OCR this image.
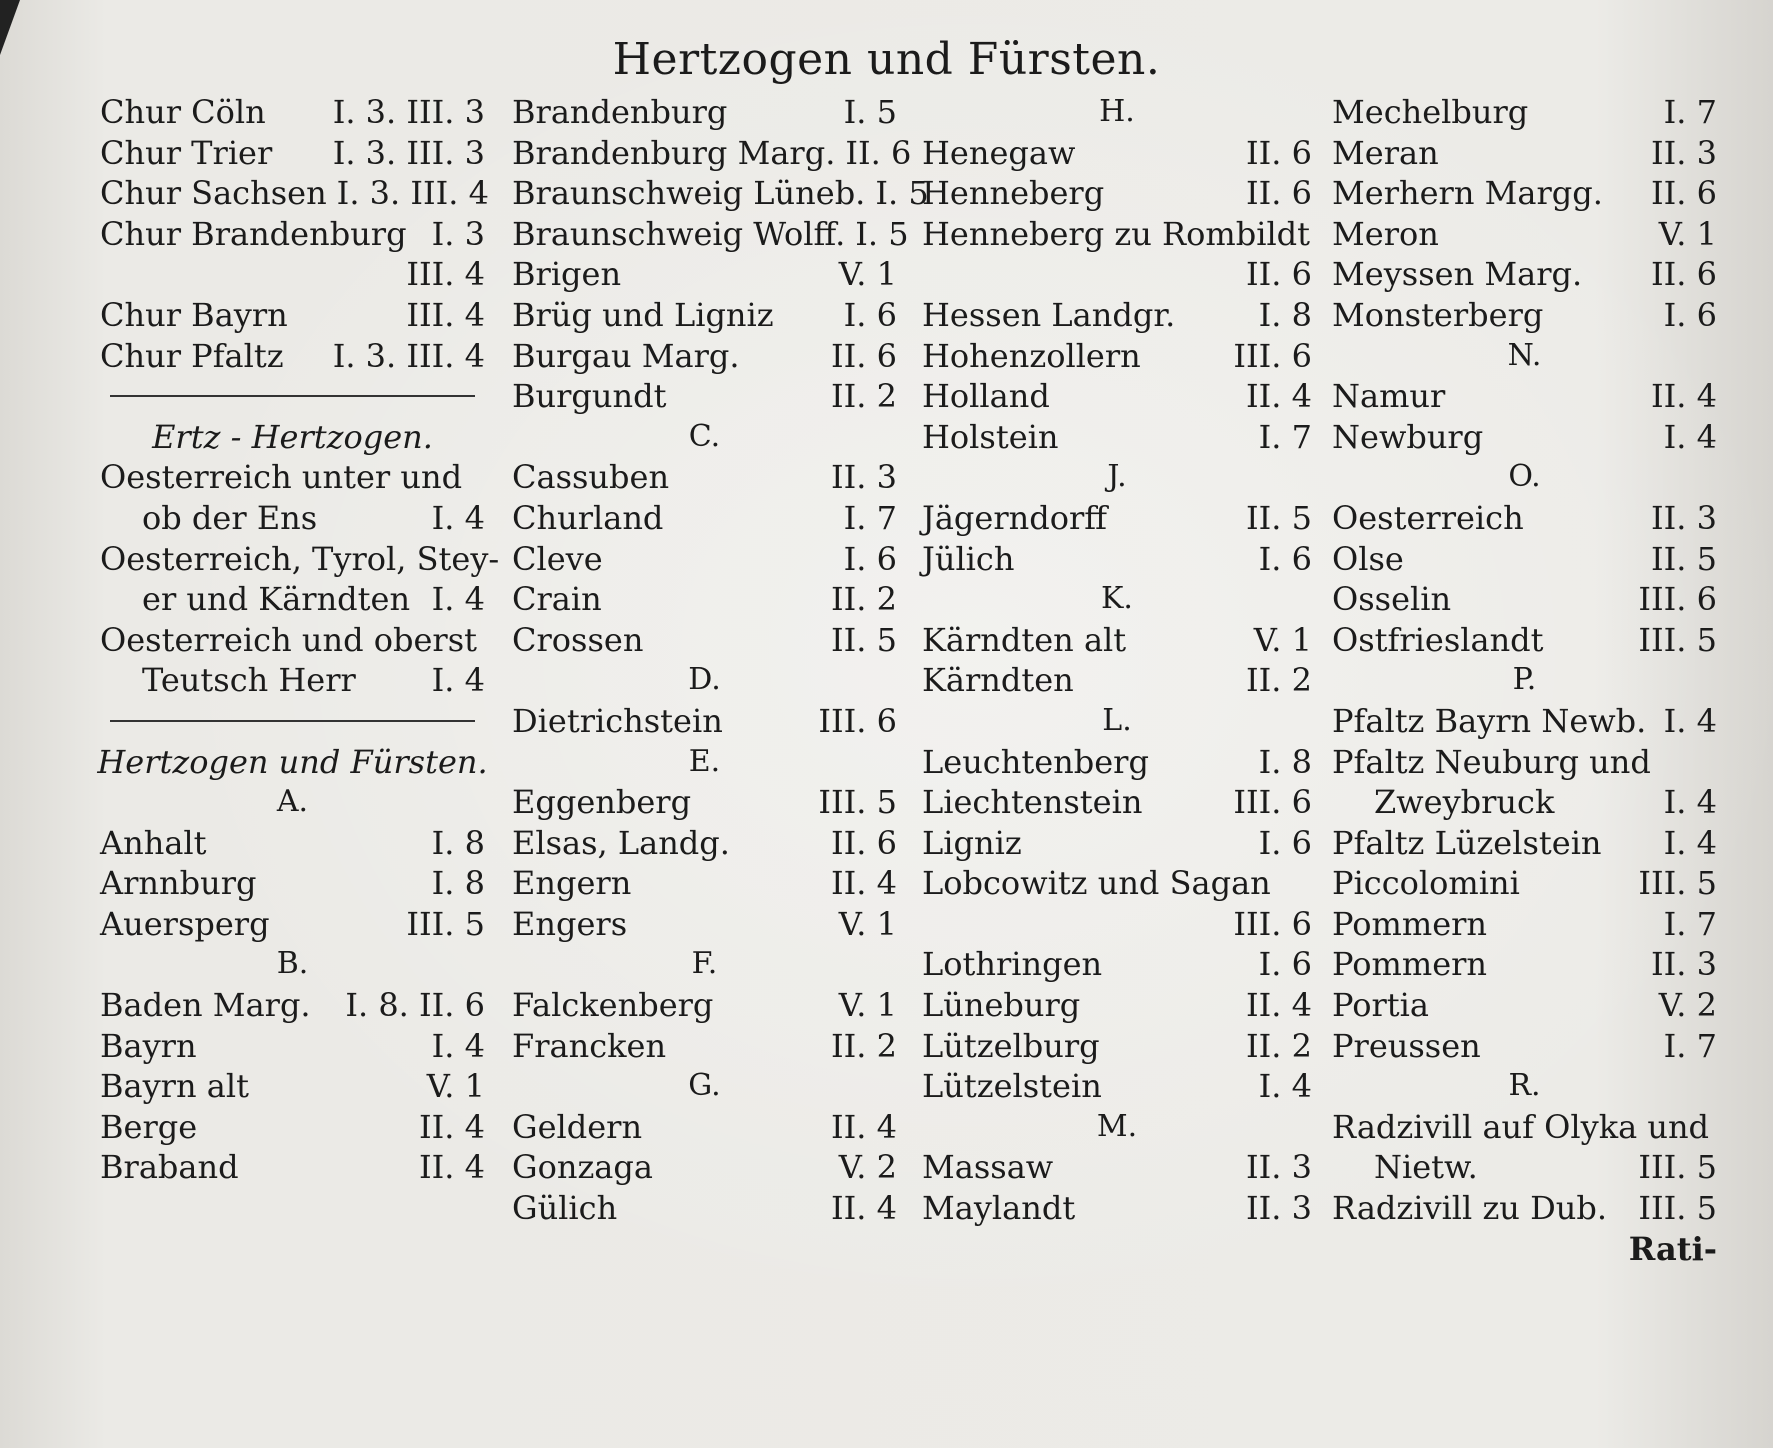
Hertzogen und Fürsten.
Chur Cöln	I. 3. III. 3
Chur Trier	I. 3. III. 3
Chur Sachsen I. 3. III. 4
Chur Brandenburg I. 3
III. 4
Chur Bayrn	III. 4
Chur Pfaltz	I. 3. III. 4
Ertz - Hertzogen.
Oesterreich unter und
ob der Ens	I. 4
Oesterreich, Tyrol, Stey-
er und Kärndten I. 4
Oesterreich und oberst
Teutsch Herr	I. 4
Hertzogen und Fürsten.
A.
Anhalt	I. 8
Arnnburg	I. 8
Auersperg	III. 5
B.
Baden Marg.	I. 8. II. 6
Bayrn	I. 4
Bayrn alt	V. 1
Berge	II. 4
Braband	II. 4
Brandenburg	I. 5
Brandenburg Marg. II. 6
Braunschweig Lüneb. I. 5
Braunschweig Wolff. I. 5
Brigen	V. 1
Brüg und Ligniz	I. 6
Burgau Marg.	II. 6
Burgundt	II. 2
C.
Cassuben	II. 3
Churland	I. 7
Cleve	I. 6
Crain	II. 2
Crossen	II. 5
D.
Dietrichstein	III. 6
E.
Eggenberg	III. 5
Elsas, Landg.	II. 6
Engern	II. 4
Engers	V. 1
F.
Falckenberg	V. 1
Francken	II. 2
G.
Geldern	II. 4
Gonzaga	V. 2
Gülich	II. 4
H.
Henegaw	II. 6
Henneberg	II. 6
Henneberg zu Rombildt
II. 6
Hessen Landgr.	I. 8
Hohenzollern	III. 6
Holland	II. 4
Holstein	I. 7
J.
Jägerndorff	II. 5
Jülich	I. 6
K.
Kärndten alt	V. 1
Kärndten	II. 2
L.
Leuchtenberg	I. 8
Liechtenstein	III. 6
Ligniz	I. 6
Lobcowitz und Sagan
III. 6
Lothringen	I. 6
Lüneburg	II. 4
Lützelburg	II. 2
Lützelstein	I. 4
M.
Massaw	II. 3
Maylandt	II. 3
Mechelburg	I. 7
Meran	II. 3
Merhern Margg.	II. 6
Meron	V. 1
Meyssen Marg.	II. 6
Monsterberg	I. 6
N.
Namur	II. 4
Newburg	I. 4
O.
Oesterreich	II. 3
Olse	II. 5
Osselin	III. 6
Ostfrieslandt	III. 5
P.
Pfaltz Bayrn Newb. I. 4
Pfaltz Neuburg und
Zweybruck	I. 4
Pfaltz Lüzelstein	I. 4
Piccolomini	III. 5
Pommern	I. 7
Pommern	II. 3
Portia	V. 2
Preussen	I. 7
R.
Radzivill auf Olyka und
Nietw.	III. 5
Radzivill zu Dub. III. 5
Rati-
